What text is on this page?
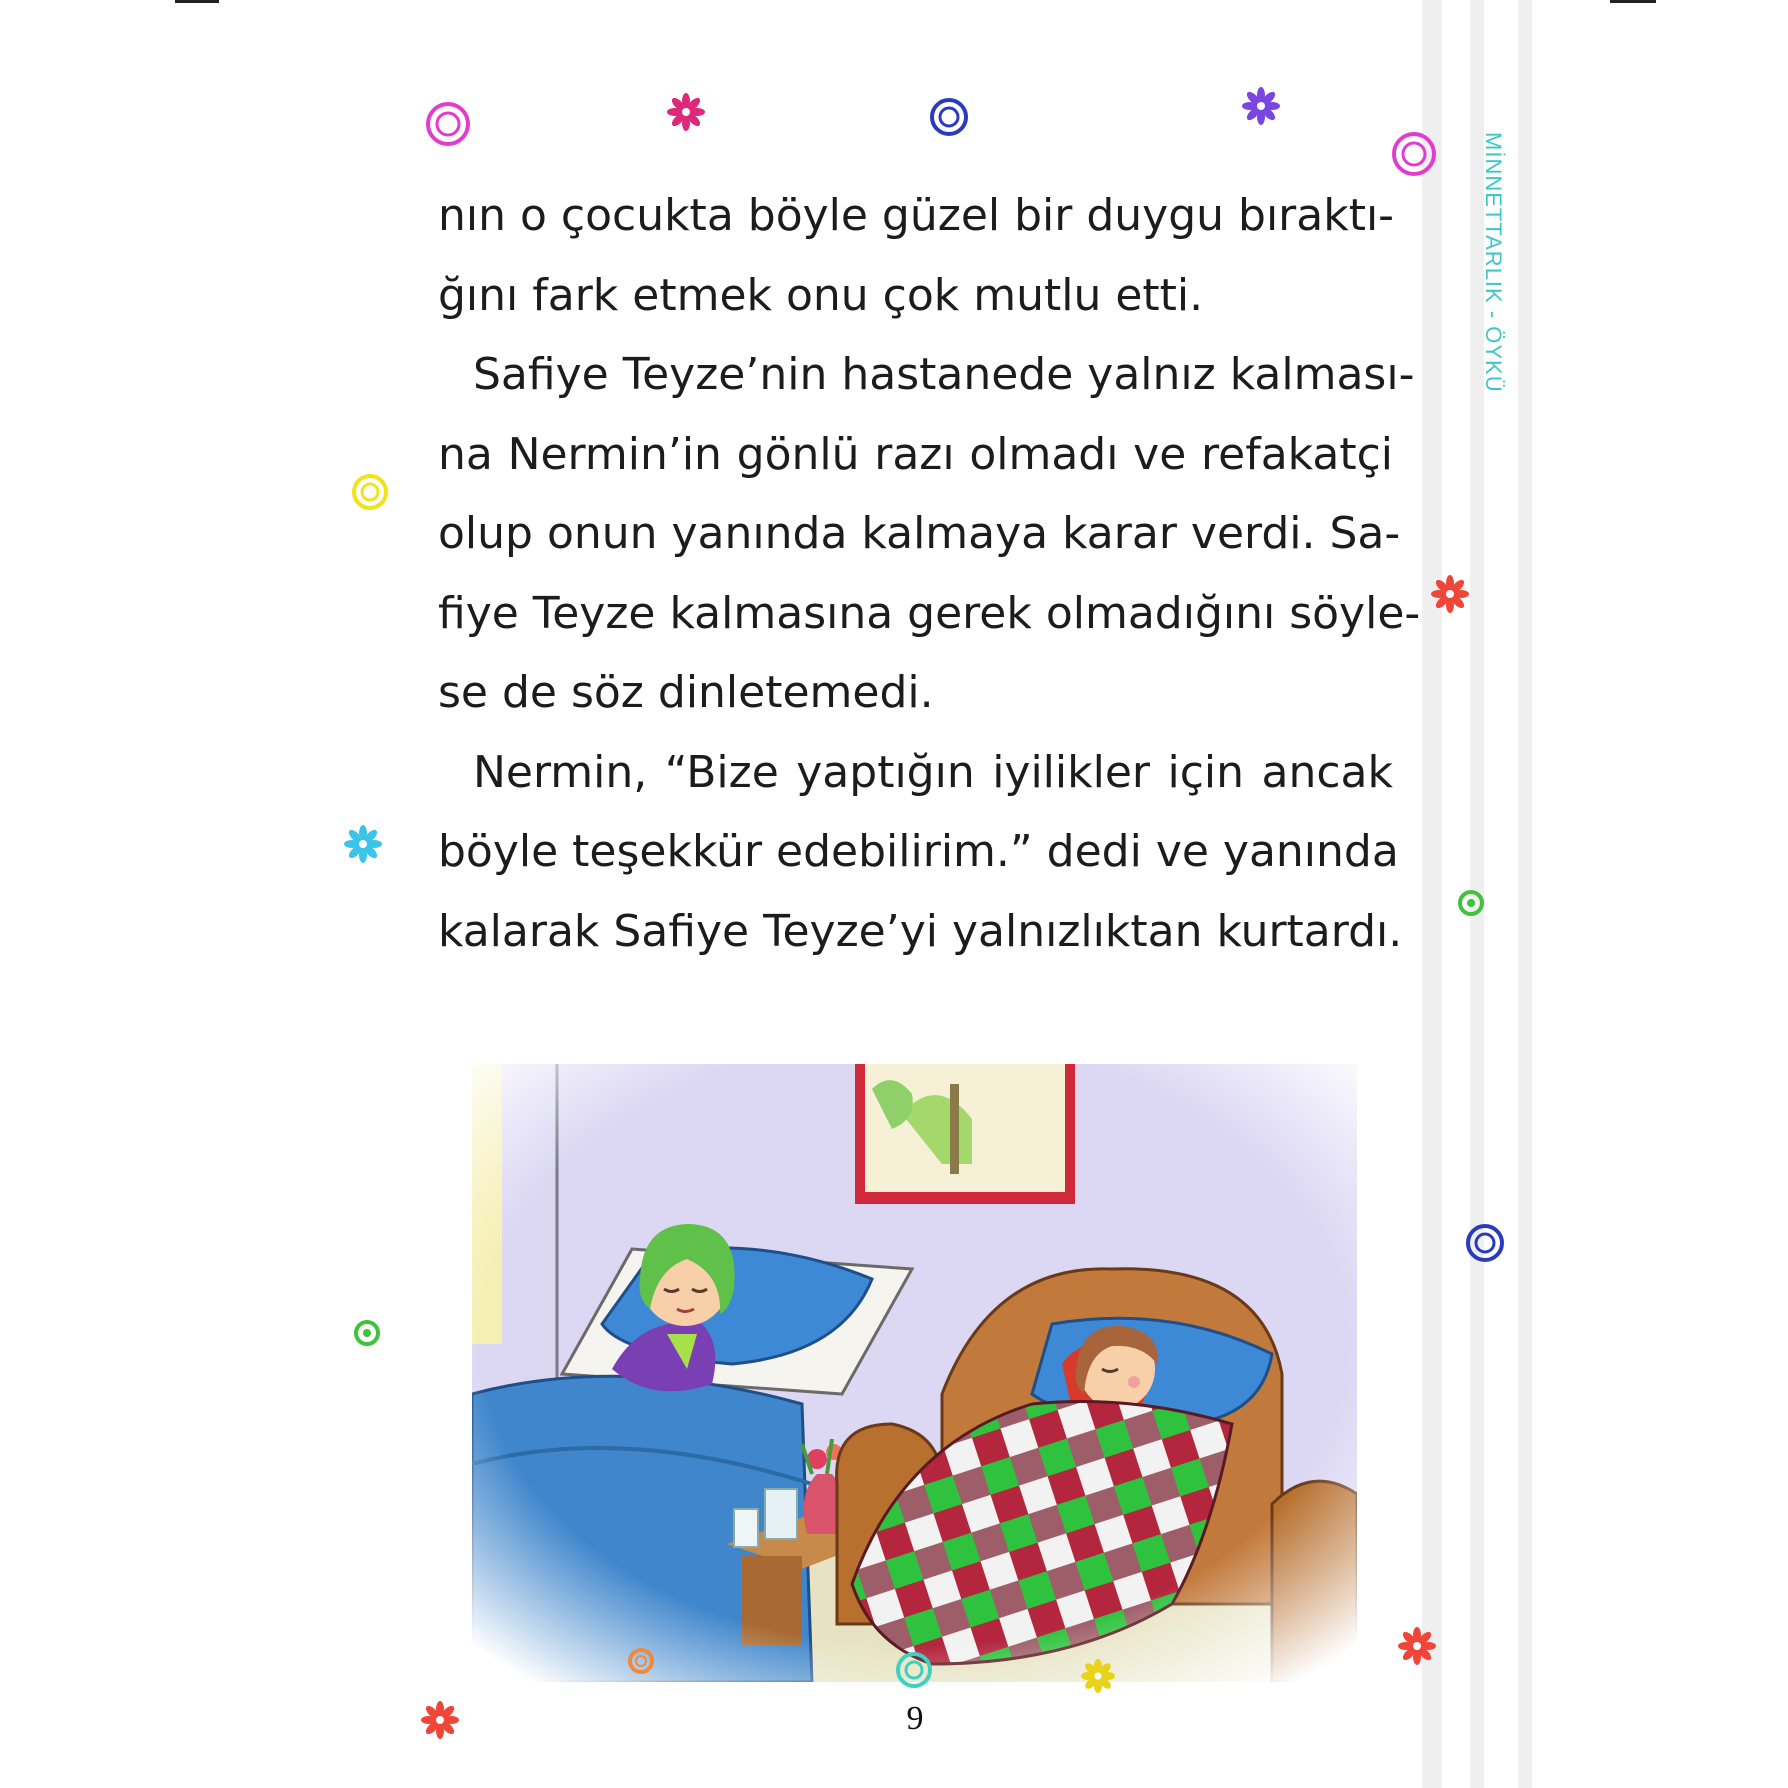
MİNNETTARLIK - ÖYKÜ
nın o çocukta böyle güzel bir duygu bıraktı-
ğını fark etmek onu çok mutlu etti.
Safiye Teyze’nin hastanede yalnız kalması-
na Nermin’in gönlü razı olmadı ve refakatçi
olup onun yanında kalmaya karar verdi. Sa-
fiye Teyze kalmasına gerek olmadığını söyle-
se de söz dinletemedi.
Nermin, “Bize yaptığın iyilikler için ancak
böyle teşekkür edebilirim.” dedi ve yanında
kalarak Safiye Teyze’yi yalnızlıktan kurtardı.
9
